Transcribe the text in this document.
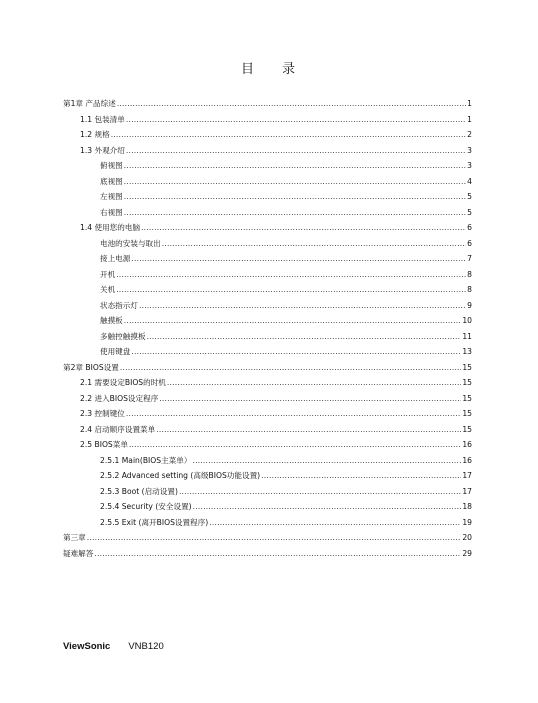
目 录
第1章 产品综述 .....	1
1.1 包装清单 .....	1
1.2 规格 .....	2
1.3 外观介绍 .....	3
俯视图 .....	3
底视图 .....	4
左视图 .....	5
右视图 .....	5
1.4 使用您的电脑 .....	6
电池的安装与取出 .....	6
接上电源 .....	7
开机 .....	8
关机 .....	8
状态指示灯 .....	9
触摸板 .....	10
多触控触摸板 .....	11
使用键盘 .....	13
第2章 BIOS设置 .....	15
2.1 需要设定BIOS的时机 .....	15
2.2 进入BIOS设定程序 .....	15
2.3 控制键位 .....	15
2.4 启动顺序设置菜单 .....	15
2.5 BIOS菜单 .....	16
2.5.1 Main(BIOS主菜单） .....	16
2.5.2 Advanced setting (高级BIOS功能设置) .....	17
2.5.3 Boot (启动设置) .....	17
2.5.4 Security (安全设置) .....	18
2.5.5 Exit (离开BIOS设置程序) .....	19
第三章 .....	20
疑难解答 .....	29
ViewSonic VNB120
